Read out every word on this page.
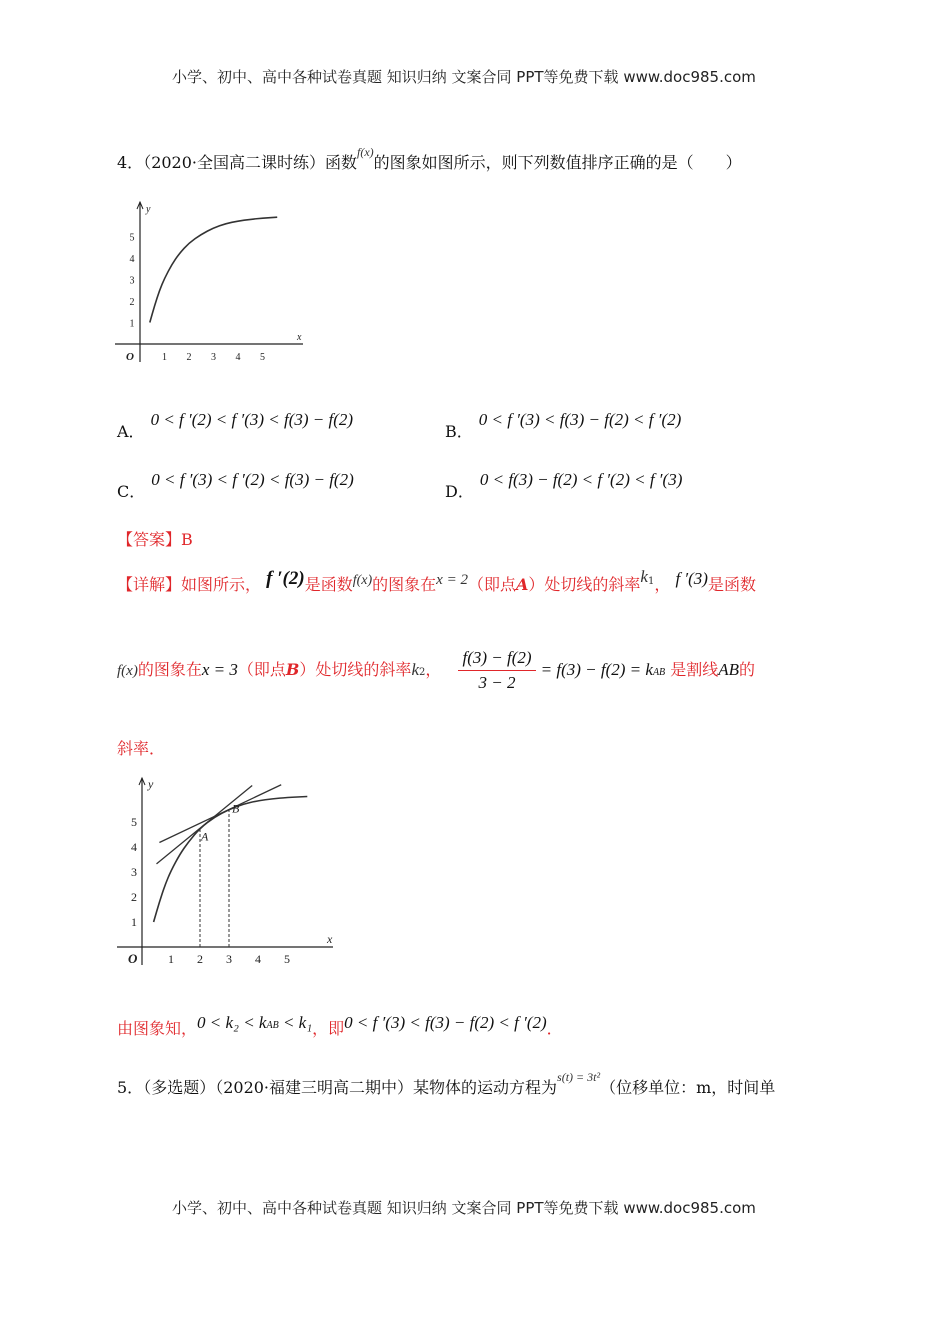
小学、初中、高中各种试卷真题 知识归纳 文案合同 PPT等免费下载 www.doc985.com
4．（2020·全国高二课时练）函数$^{f(x)}$的图象如图所示，则下列数值排序正确的是（　　）
1 2 3 4 5
1
2
3
4
5
O
x
y
A．0 < f ′(2) < f ′(3) < f(3) − f(2)
B．0 < f ′(3) < f(3) − f(2) < f ′(2)
C．0 < f ′(3) < f ′(2) < f(3) − f(2)
D．0 < f(3) − f(2) < f ′(2) < f ′(3)
【答案】B
【详解】如图所示， f ′(2)是函数f(x)的图象在x = 2（即点A）处切线的斜率$k^1$， f ′(3)是函数
f(x)的图象在x = 3（即点B）处切线的斜率k2， $\frac{f(3) - f(2)}{3 - 2} = f(3) - f(2)$ = kAB 是割线AB的
斜率．
1 2 3 4 5
1
2
3
4
5
O
x
y
A
B
由图象知，$0 < k_2 < k^{AB} < k_1$，即0 < f ′(3) < f(3) − f(2) < f ′(2)．
5．（多选题）（2020·福建三明高二期中）某物体的运动方程为$^{s(t) = 3t^2}$（位移单位：m，时间单
小学、初中、高中各种试卷真题 知识归纳 文案合同 PPT等免费下载 www.doc985.com
